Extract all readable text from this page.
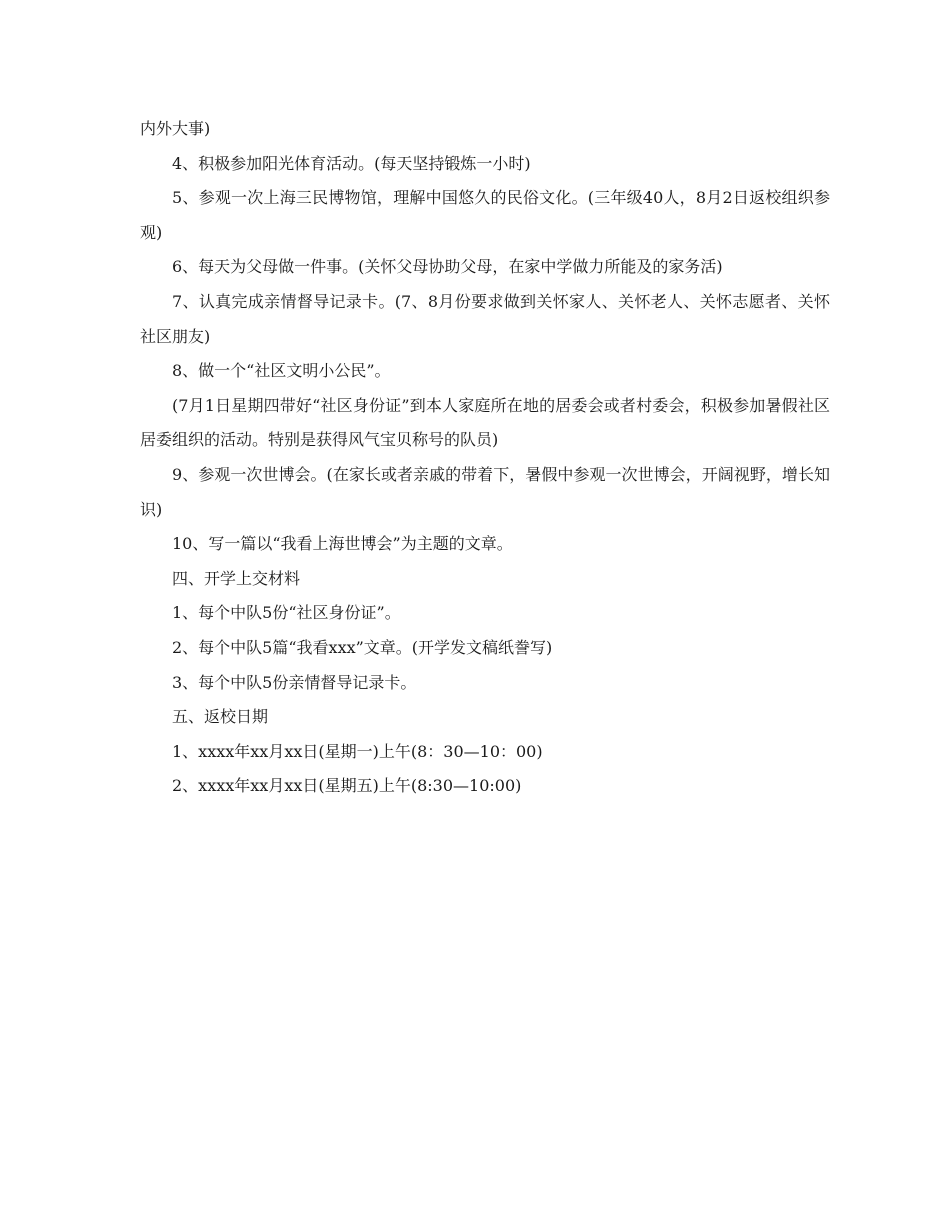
内外大事)

4、积极参加阳光体育活动。(每天坚持锻炼一小时)

5、参观一次上海三民博物馆，理解中国悠久的民俗文化。(三年级40人，8月2日返校组织参观)

6、每天为父母做一件事。(关怀父母协助父母，在家中学做力所能及的家务活)

7、认真完成亲情督导记录卡。(7、8月份要求做到关怀家人、关怀老人、关怀志愿者、关怀社区朋友)

8、做一个“社区文明小公民”。

(7月1日星期四带好“社区身份证”到本人家庭所在地的居委会或者村委会，积极参加暑假社区居委组织的活动。特别是获得风气宝贝称号的队员)

9、参观一次世博会。(在家长或者亲戚的带着下，暑假中参观一次世博会，开阔视野，增长知识)

10、写一篇以“我看上海世博会”为主题的文章。

四、开学上交材料

1、每个中队5份“社区身份证”。

2、每个中队5篇“我看xxx”文章。(开学发文稿纸誊写)

3、每个中队5份亲情督导记录卡。

五、返校日期

1、xxxx年xx月xx日(星期一)上午(8：30—10：00)

2、xxxx年xx月xx日(星期五)上午(8:30—10:00)
